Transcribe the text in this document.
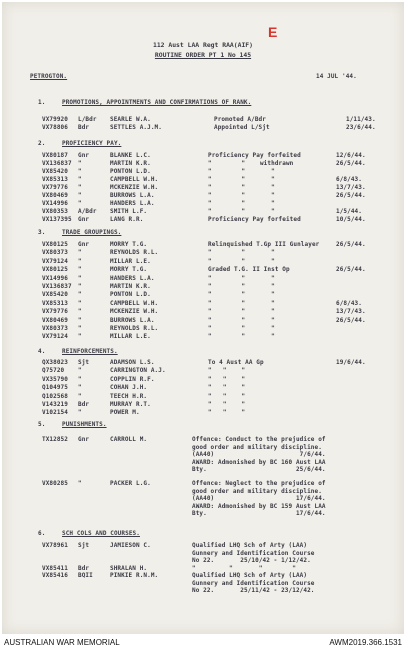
E
112 Aust LAA Regt RAA(AIF)
ROUTINE ORDER PT 1 No 145
PETROGTON.	14 JUL '44.
1.	PROMOTIONS, APPOINTMENTS AND CONFIRMATIONS OF RANK.
VX79920 L/Bdr SEARLE W.A.	Promoted A/Bdr	1/11/43.
VX78806 Bdr	SETTLES A.J.M.	Appointed L/Sjt	23/6/44.
2.	PROFICIENCY PAY.
VX80187 Gnr	BLANKE L.C.	Proficiency Pay forfeited	12/6/44.
VX136837 "	MARTIN K.R.	"        "    withdrawn	26/5/44.
VX85420 "	PONTON L.D.	"        "       "
VX85313 "	CAMPBELL W.H.	"        "       "	6/8/43.
VX79776 "	MCKENZIE W.H.	"        "       "	13/7/43.
VX80469 "	BURROWS L.A.	"        "       "	26/5/44.
VX14996 "	HANDERS L.A.	"        "       "
VX80353 A/Bdr SMITH L.F.	"        "       "	1/5/44.
VX137395 Gnr	LANG R.R.	Proficiency Pay forfeited	10/5/44.
3.	TRADE GROUPINGS.
VX80125 Gnr	MORRY T.G.	Relinquished T.Gp III Gunlayer	26/5/44.
VX80373 "	REYNOLDS R.L.	"        "       "
VX79124 "	MILLAR L.E.	"        "       "
VX80125 "	MORRY T.G.	Graded T.G. II Inst Op	26/5/44.
VX14996 "	HANDERS L.A.	"        "       "
VX136837 "	MARTIN K.R.	"        "       "
VX85420 "	PONTON L.D.	"        "       "
VX85313 "	CAMPBELL W.H.	"        "       "	6/8/43.
VX79776 "	MCKENZIE W.H.	"        "       "	13/7/43.
VX80469 "	BURROWS L.A.	"        "       "	26/5/44.
VX80373 "	REYNOLDS R.L.	"        "       "
VX79124 "	MILLAR L.E.	"        "       "
4.	REINFORCEMENTS.
QX38023 Sjt	ADAMSON L.S.	To 4 Aust AA Gp	19/6/44.
Q75720 "	CARRINGTON A.J.	"   "    "
VX35790 "	COPPLIN R.F.	"   "    "
Q104975 "	COHAN J.H.	"   "    "
Q102568 "	TEECH H.R.	"   "    "
V143219 Bdr	MURRAY R.T.	"   "    "
V102154 "	POWER M.	"   "    "
5.	PUNISHMENTS.
TX12852 Gnr	CARROLL M.	Offence: Conduct to the prejudice of
good order and military discipline.
(AA40)                       7/6/44.
AWARD: Admonished by BC 160 Aust LAA
Bty.                        25/6/44.
VX80285 "	PACKER L.G.	Offence: Neglect to the prejudice of
good order and military discipline.
(AA40)                      17/6/44.
AWARD: Admonished by BC 159 Aust LAA
Bty.                        17/6/44.
6.	SCH COLS AND COURSES.
VX78961 Sjt	JAMIESON C.	Qualified LHQ Sch of Arty (LAA)
Gunnery and Identification Course
No 22.       25/10/42 - 1/12/42.
VX85411 Bdr	SHRALAN H.	"         "       "        "
VX85416 BQII	PINKIE R.N.M.	Qualified LHQ Sch of Arty (LAA)
Gunnery and Identification Course
No 22.       25/11/42 - 23/12/42.
AUSTRALIAN WAR MEMORIAL	AWM2019.366.1531
